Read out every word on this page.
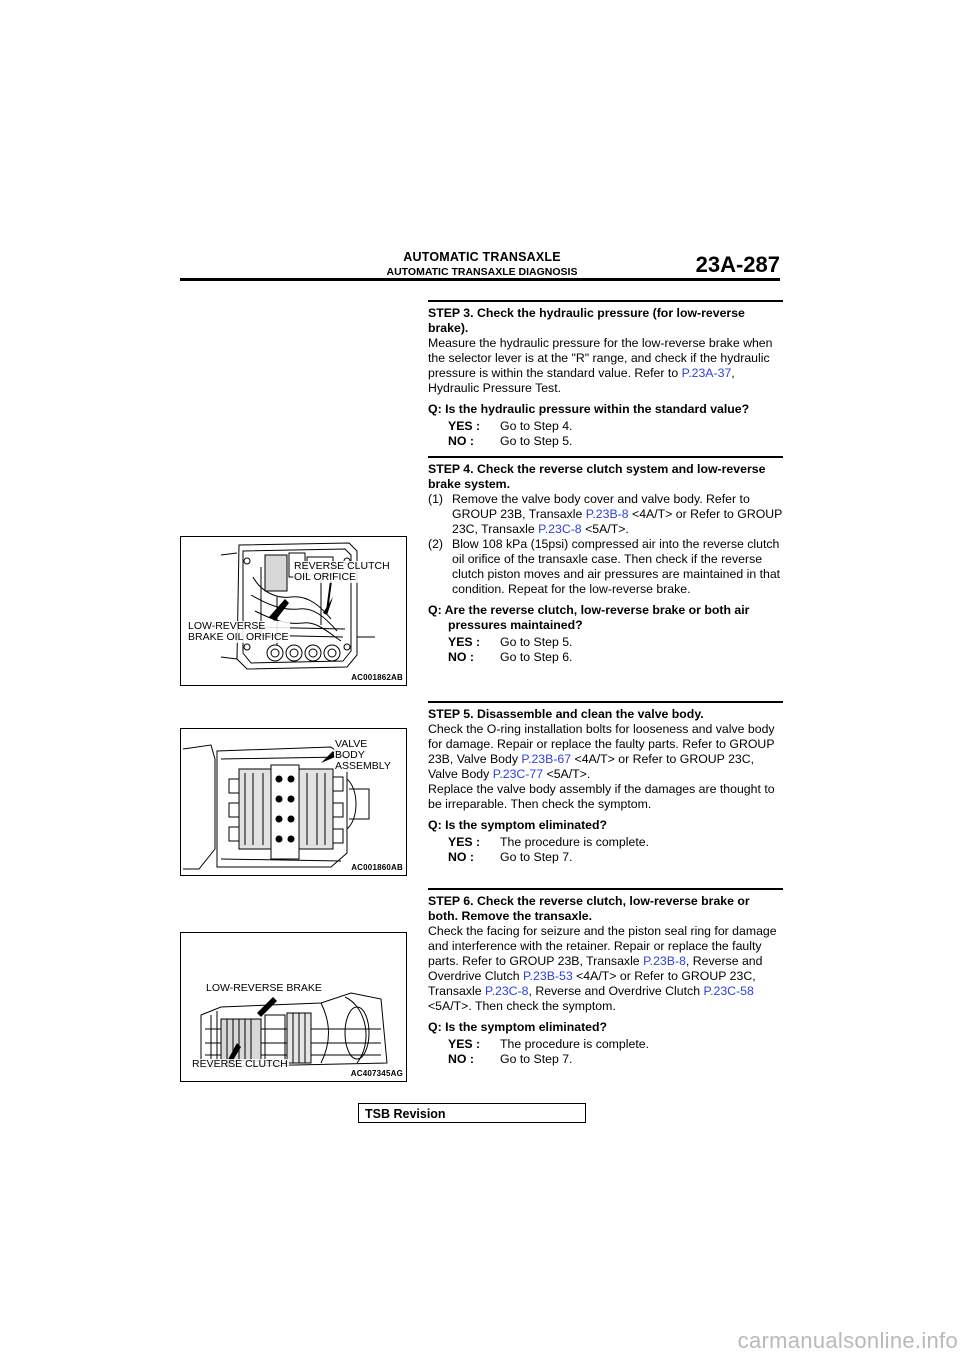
AUTOMATIC TRANSAXLE
AUTOMATIC TRANSAXLE DIAGNOSIS	23A-287
STEP 3. Check the hydraulic pressure (for low-reverse brake).

Measure the hydraulic pressure for the low-reverse brake when the selector lever is at the "R" range, and check if the hydraulic pressure is within the standard value. Refer to P.23A-37, Hydraulic Pressure Test.

Q: Is the hydraulic pressure within the standard value?
YES : Go to Step 4.
NO : Go to Step 5.
STEP 4. Check the reverse clutch system and low-reverse brake system.
(1) Remove the valve body cover and valve body. Refer to GROUP 23B, Transaxle P.23B-8 <4A/T> or Refer to GROUP 23C, Transaxle P.23C-8 <5A/T>.
(2) Blow 108 kPa (15psi) compressed air into the reverse clutch oil orifice of the transaxle case. Then check if the reverse clutch piston moves and air pressures are maintained in that condition. Repeat for the low-reverse brake.
Q: Are the reverse clutch, low-reverse brake or both air pressures maintained?
YES : Go to Step 5.
NO : Go to Step 6.
STEP 5. Disassemble and clean the valve body.

Check the O-ring installation bolts for looseness and valve body for damage. Repair or replace the faulty parts. Refer to GROUP 23B, Valve Body P.23B-67 <4A/T> or Refer to GROUP 23C, Valve Body P.23C-77 <5A/T>.

Replace the valve body assembly if the damages are thought to be irreparable. Then check the symptom.

Q: Is the symptom eliminated?
YES : The procedure is complete.
NO : Go to Step 7.
STEP 6. Check the reverse clutch, low-reverse brake or both. Remove the transaxle.

Check the facing for seizure and the piston seal ring for damage and interference with the retainer. Repair or replace the faulty parts. Refer to GROUP 23B, Transaxle P.23B-8, Reverse and Overdrive Clutch P.23B-53 <4A/T> or Refer to GROUP 23C, Transaxle P.23C-8, Reverse and Overdrive Clutch P.23C-58 <5A/T>. Then check the symptom.

Q: Is the symptom eliminated?
YES : The procedure is complete.
NO : Go to Step 7.
REVERSE CLUTCH
OIL ORIFICE
LOW-REVERSE
BRAKE OIL ORIFICE
AC001862AB
VALVE
BODY
ASSEMBLY
AC001860AB
LOW-REVERSE BRAKE
REVERSE CLUTCH
AC407345AG
TSB Revision
carmanualsonline.info
